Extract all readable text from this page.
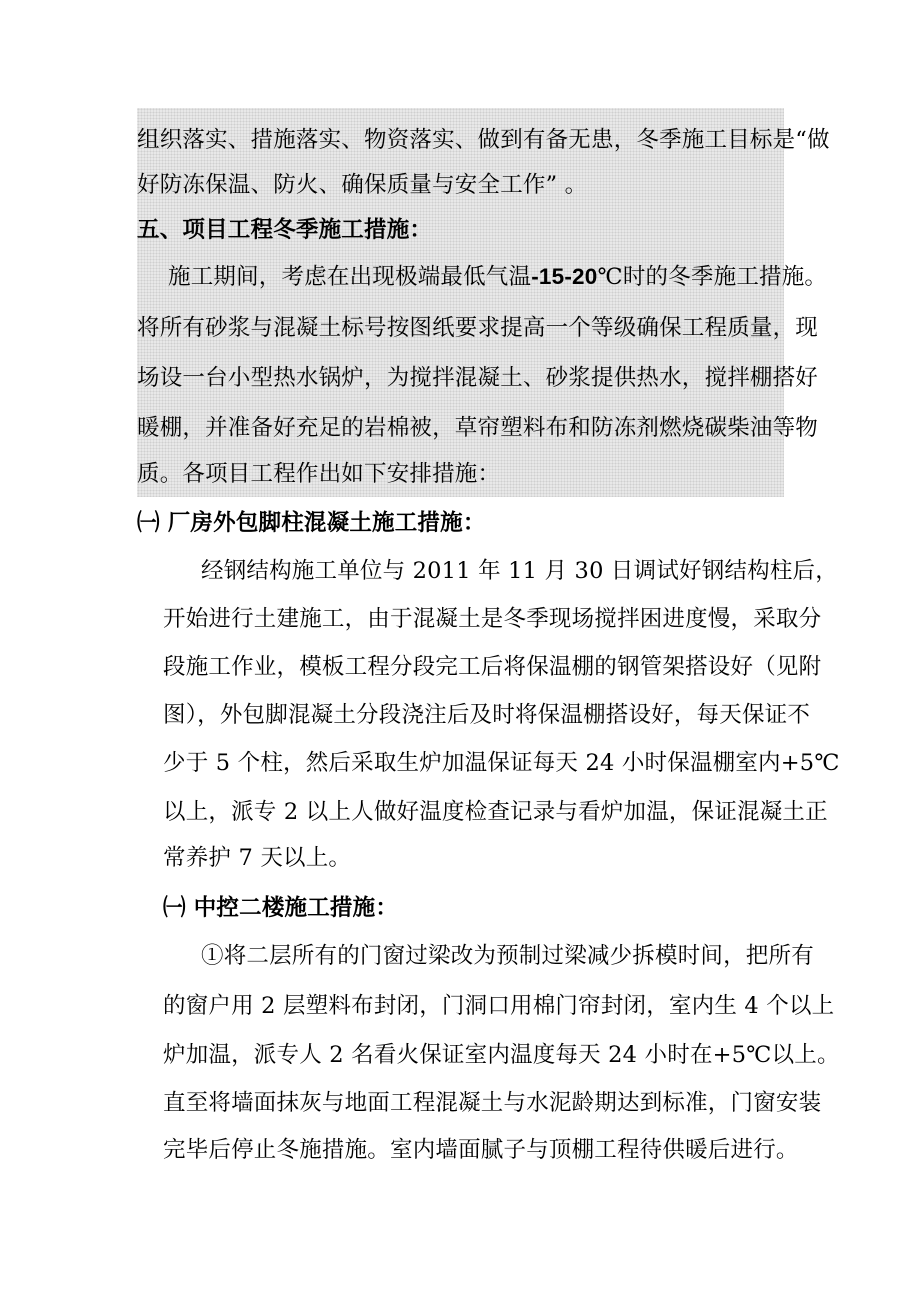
组织落实、措施落实、物资落实、做到有备无患，冬季施工目标是“做
好防冻保温、防火、确保质量与安全工作” 。
五、项目工程冬季施工措施：
施工期间，考虑在出现极端最低气温-15-20℃时的冬季施工措施。
将所有砂浆与混凝土标号按图纸要求提高一个等级确保工程质量，现
场设一台小型热水锅炉，为搅拌混凝土、砂浆提供热水，搅拌棚搭好
暖棚，并准备好充足的岩棉被，草帘塑料布和防冻剂燃烧碳柴油等物
质。各项目工程作出如下安排措施：
㈠ 厂房外包脚柱混凝土施工措施：
经钢结构施工单位与 2011 年 11 月 30 日调试好钢结构柱后，
开始进行土建施工，由于混凝土是冬季现场搅拌困进度慢，采取分
段施工作业，模板工程分段完工后将保温棚的钢管架搭设好（见附
图），外包脚混凝土分段浇注后及时将保温棚搭设好，每天保证不
少于 5 个柱，然后采取生炉加温保证每天 24 小时保温棚室内+5℃
以上，派专 2 以上人做好温度检查记录与看炉加温，保证混凝土正
常养护 7 天以上。
㈠ 中控二楼施工措施：
①将二层所有的门窗过梁改为预制过梁减少拆模时间，把所有
的窗户用 2 层塑料布封闭，门洞口用棉门帘封闭，室内生 4 个以上
炉加温，派专人 2 名看火保证室内温度每天 24 小时在+5℃以上。
直至将墙面抹灰与地面工程混凝土与水泥龄期达到标准，门窗安装
完毕后停止冬施措施。室内墙面腻子与顶棚工程待供暖后进行。
